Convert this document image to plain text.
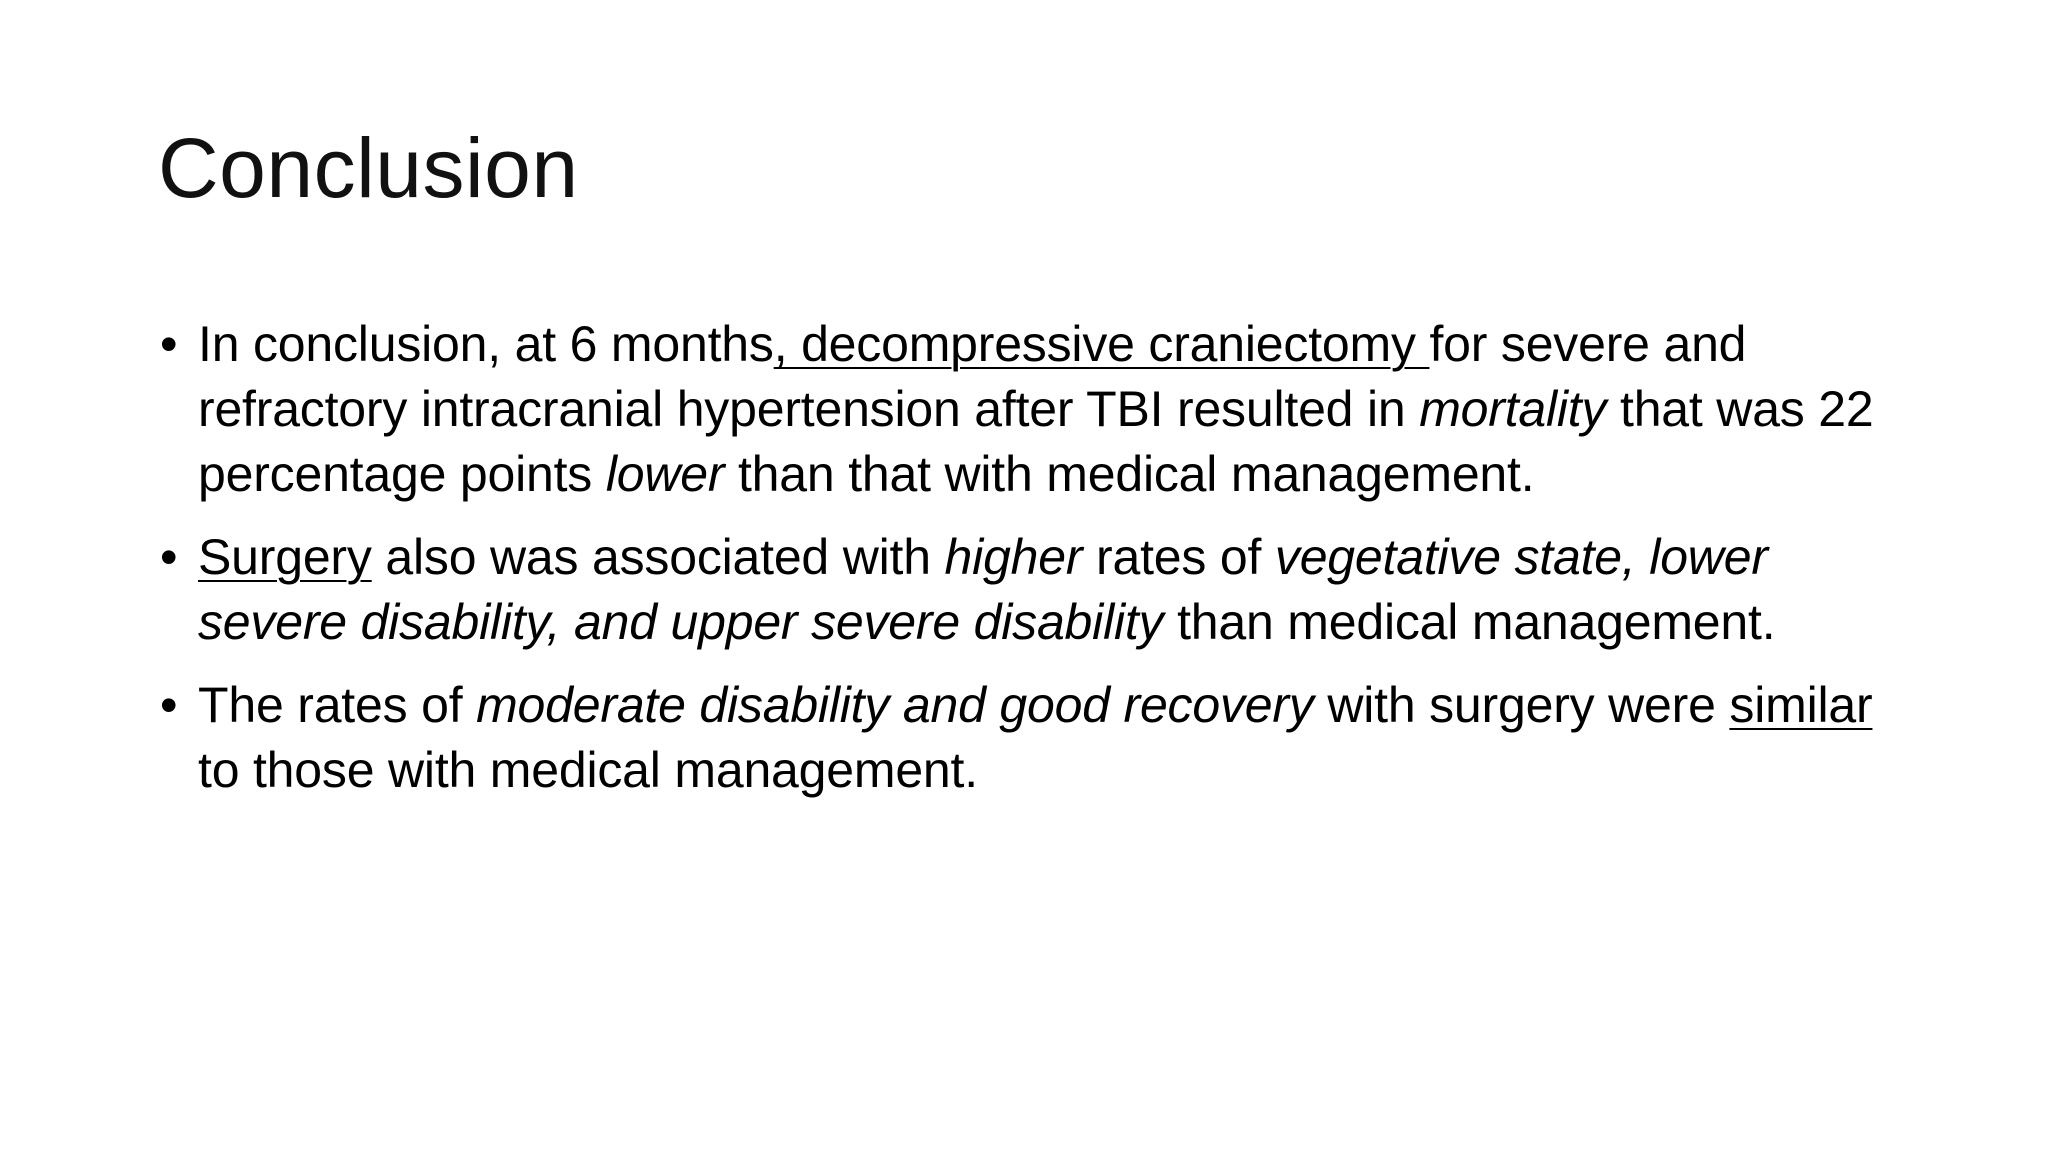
Conclusion
• In conclusion, at 6 months, decompressive craniectomy for severe and refractory intracranial hypertension after TBI resulted in mortality that was 22 percentage points lower than that with medical management.
• Surgery also was associated with higher rates of vegetative state, lower severe disability, and upper severe disability than medical management.
• The rates of moderate disability and good recovery with surgery were similar to those with medical management.
